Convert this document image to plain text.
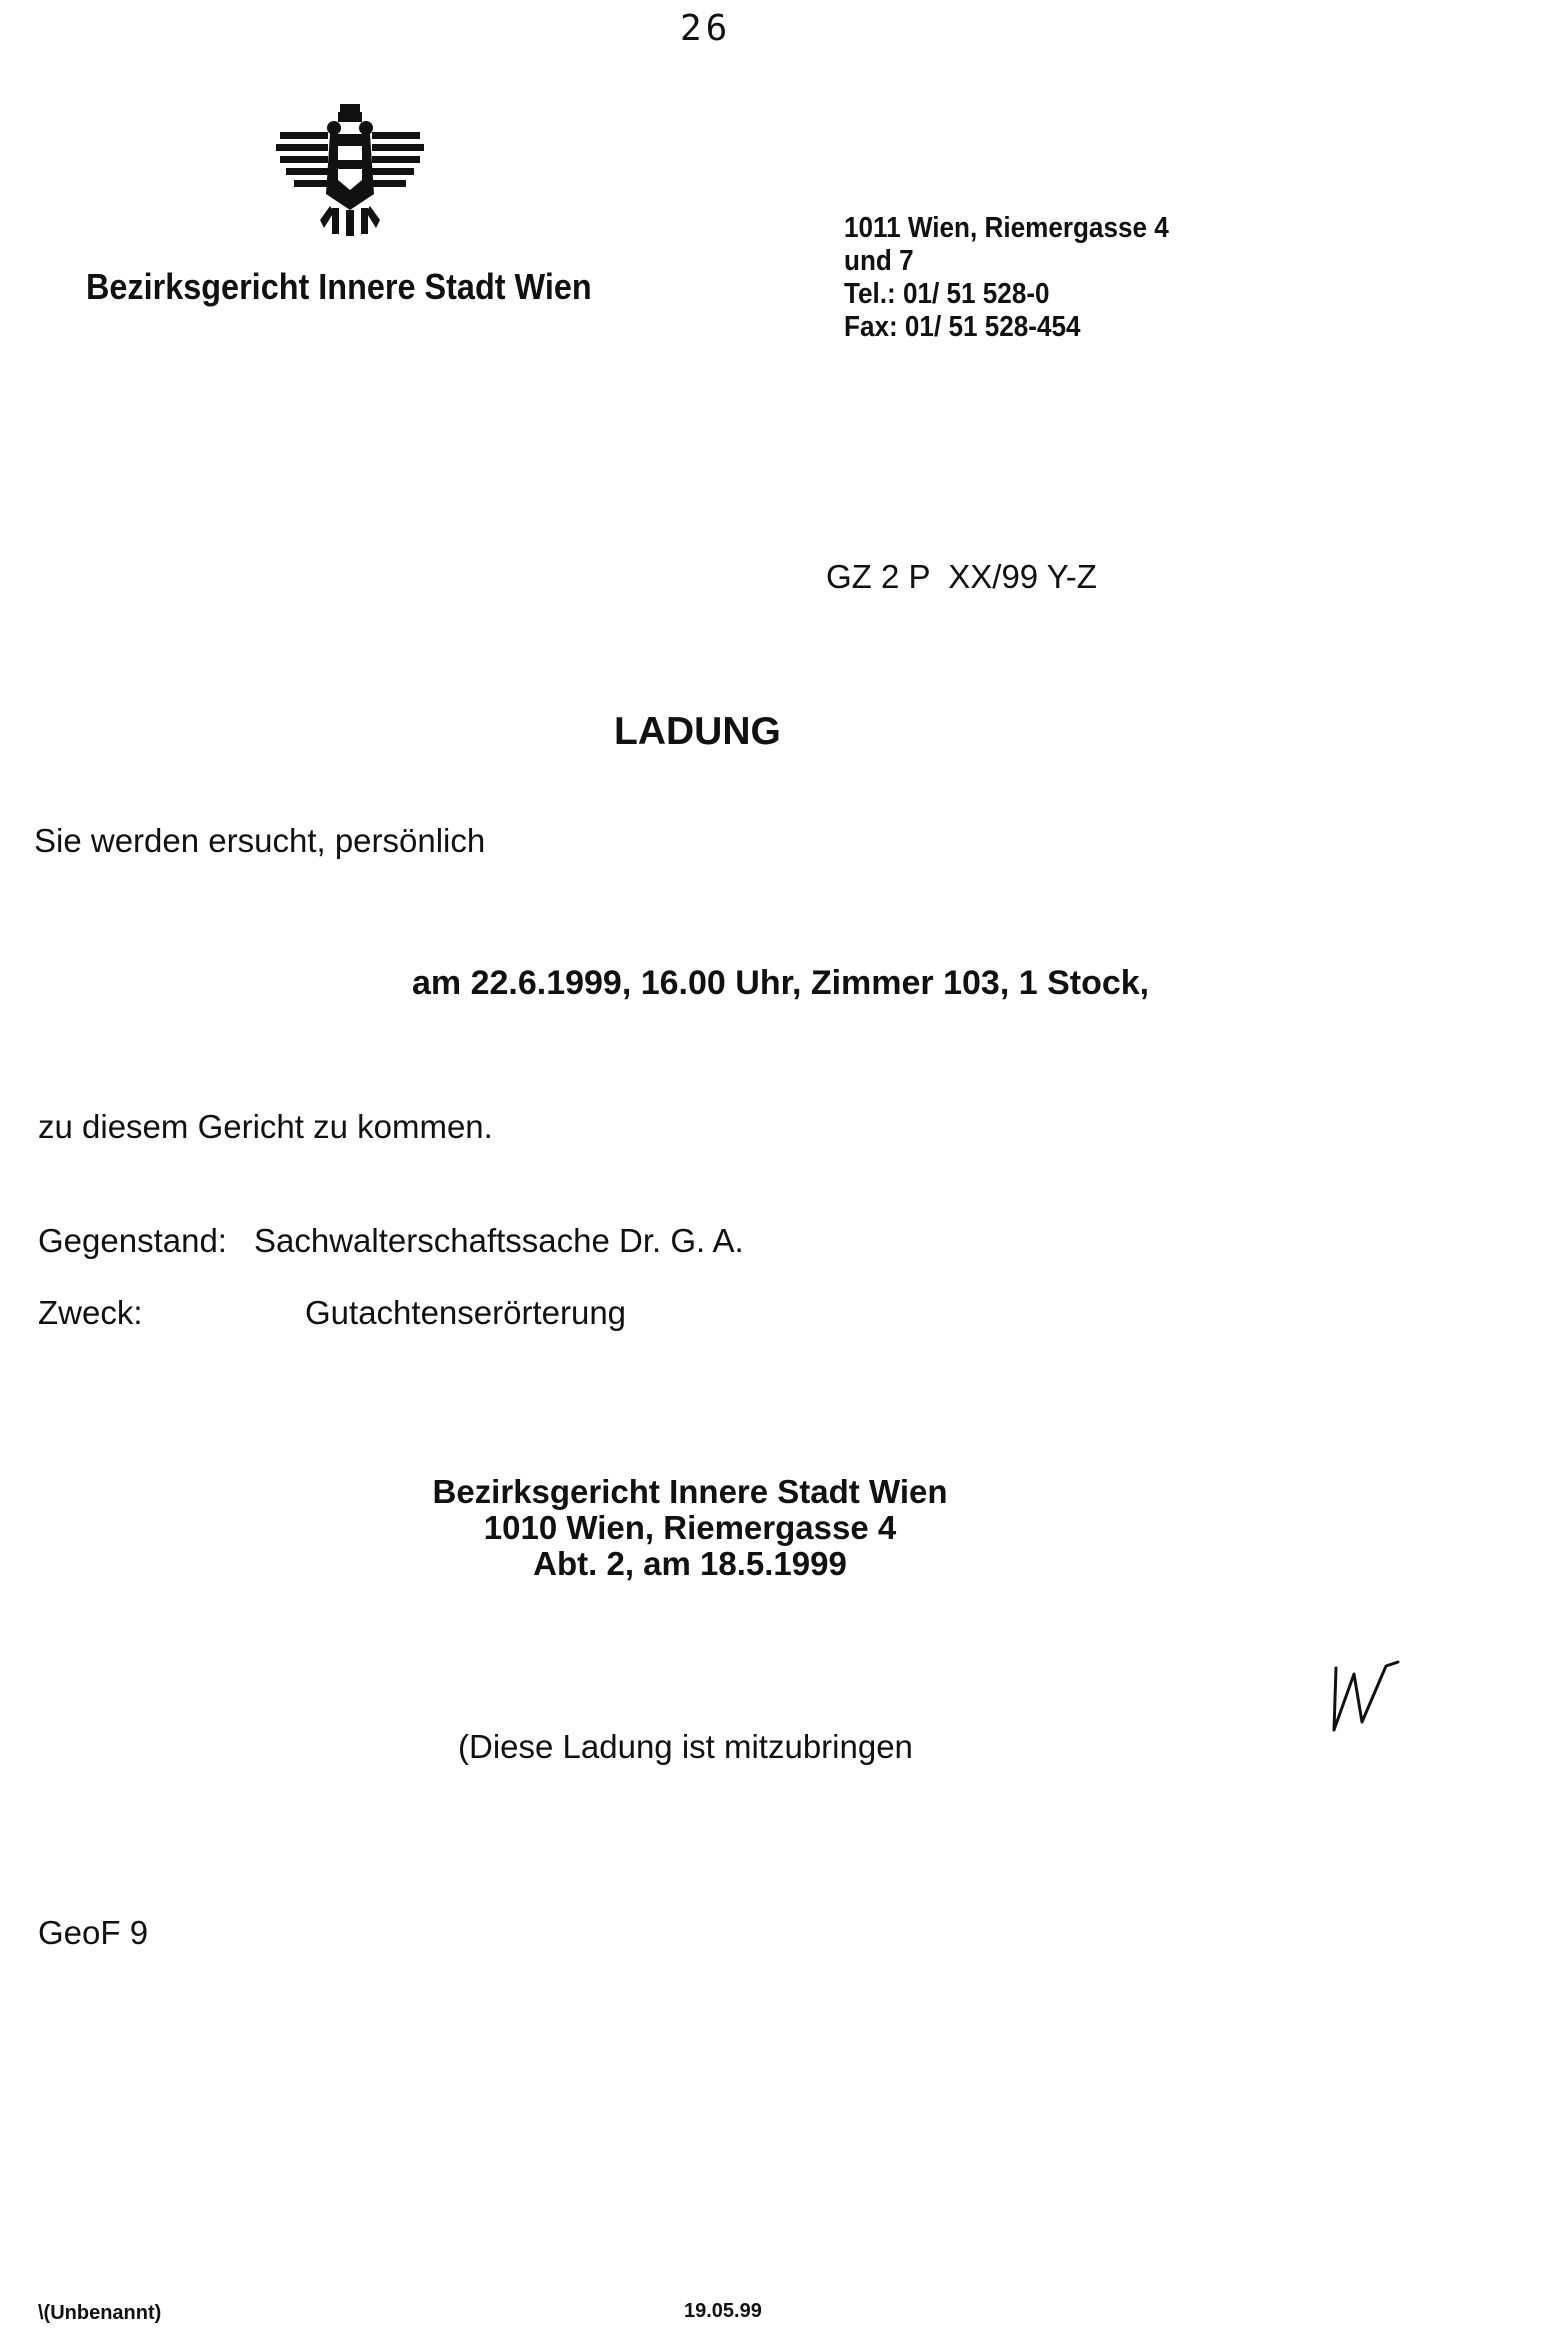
26
Bezirksgericht Innere Stadt Wien
1011 Wien, Riemergasse 4
und 7
Tel.: 01/ 51 528-0
Fax: 01/ 51 528-454
GZ 2 P  XX/99 Y-Z
LADUNG
Sie werden ersucht, persönlich
am 22.6.1999, 16.00 Uhr, Zimmer 103, 1 Stock,
zu diesem Gericht zu kommen.
Gegenstand: Sachwalterschaftssache Dr. G. A.
Zweck:	Gutachtenserörterung
Bezirksgericht Innere Stadt Wien
1010 Wien, Riemergasse 4
Abt. 2, am 18.5.1999
(Diese Ladung ist mitzubringen
GeoF 9
\(Unbenannt)	19.05.99
